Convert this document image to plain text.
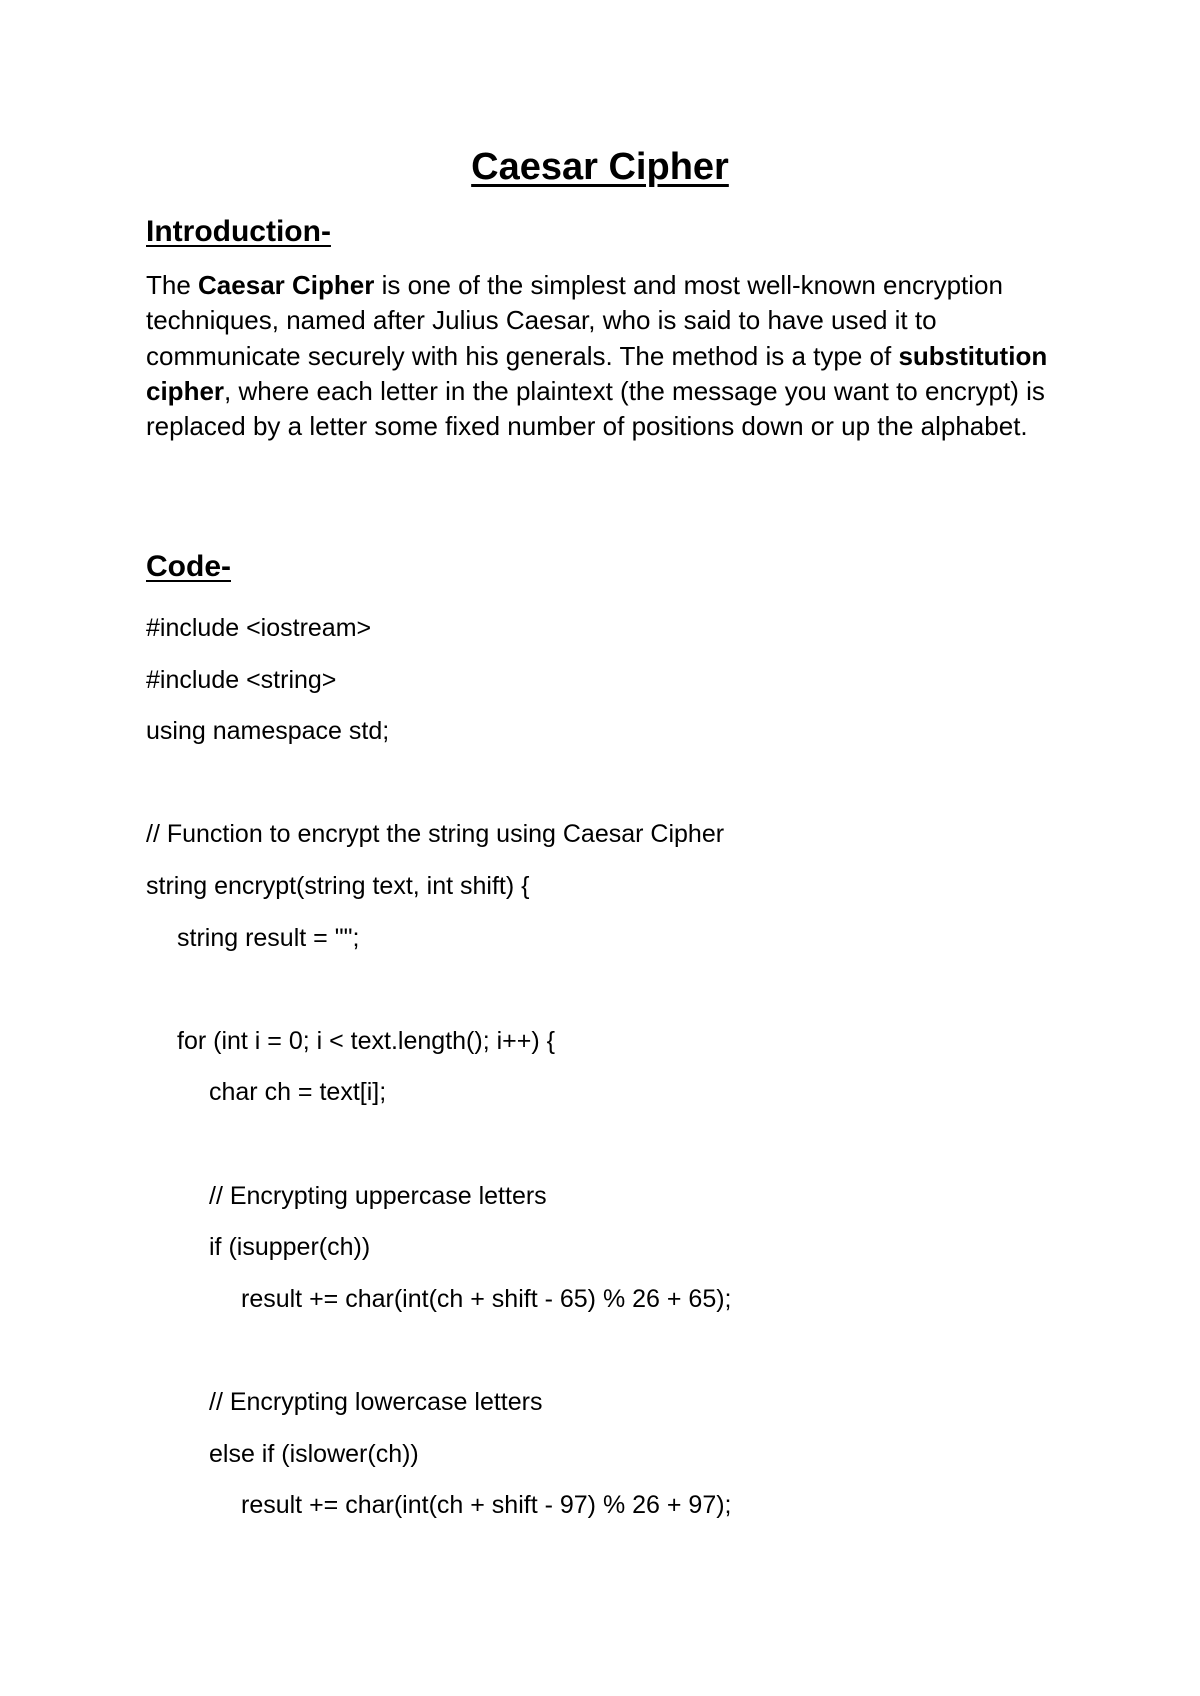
Caesar Cipher
Introduction-
The Caesar Cipher is one of the simplest and most well-known encryption techniques, named after Julius Caesar, who is said to have used it to communicate securely with his generals. The method is a type of substitution cipher, where each letter in the plaintext (the message you want to encrypt) is replaced by a letter some fixed number of positions down or up the alphabet.
Code-
#include <iostream>
#include <string>
using namespace std;
// Function to encrypt the string using Caesar Cipher
string encrypt(string text, int shift) {
string result = "";
for (int i = 0; i < text.length(); i++) {
char ch = text[i];
// Encrypting uppercase letters
if (isupper(ch))
result += char(int(ch + shift - 65) % 26 + 65);
// Encrypting lowercase letters
else if (islower(ch))
result += char(int(ch + shift - 97) % 26 + 97);
